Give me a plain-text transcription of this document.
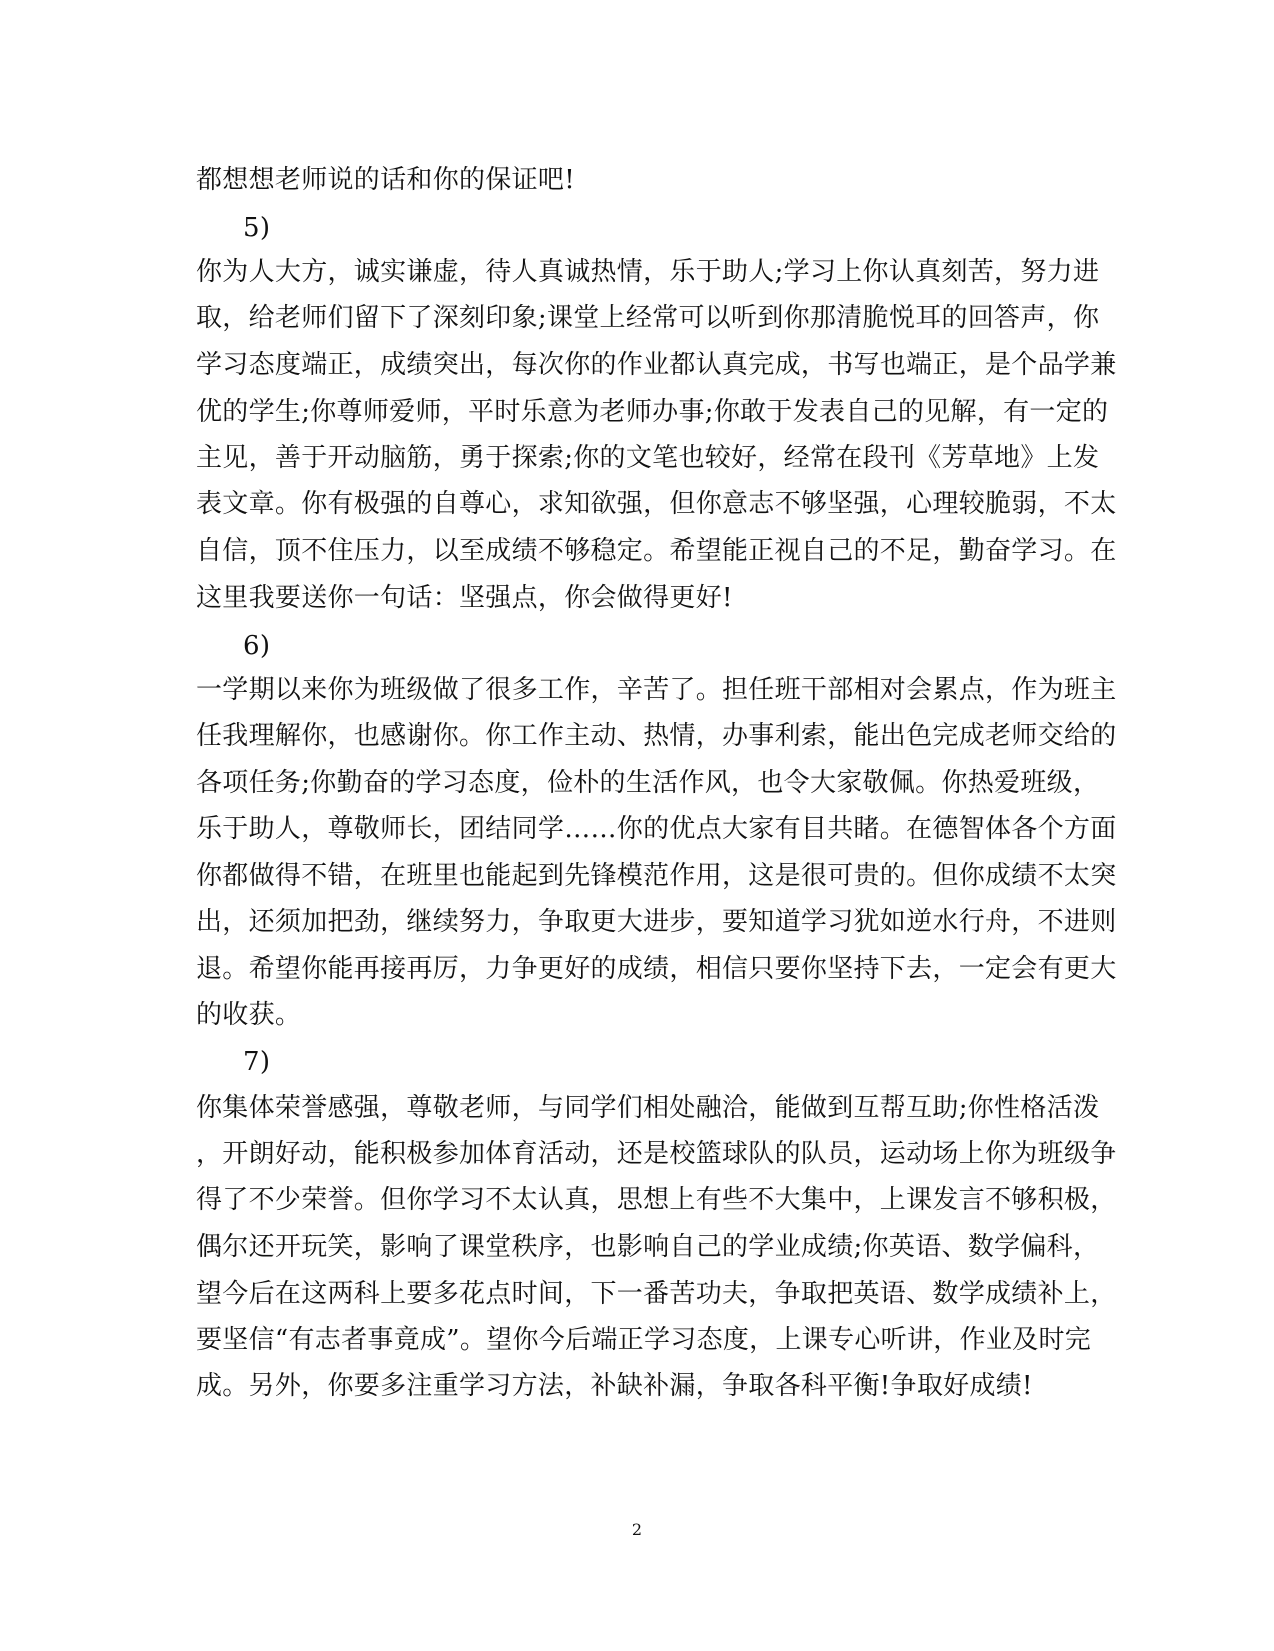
都想想老师说的话和你的保证吧!
5)
你为人大方，诚实谦虚，待人真诚热情，乐于助人;学习上你认真刻苦，努力进
取，给老师们留下了深刻印象;课堂上经常可以听到你那清脆悦耳的回答声，你
学习态度端正，成绩突出，每次你的作业都认真完成，书写也端正，是个品学兼
优的学生;你尊师爱师，平时乐意为老师办事;你敢于发表自己的见解，有一定的
主见，善于开动脑筋，勇于探索;你的文笔也较好，经常在段刊《芳草地》上发
表文章。你有极强的自尊心，求知欲强，但你意志不够坚强，心理较脆弱，不太
自信，顶不住压力，以至成绩不够稳定。希望能正视自己的不足，勤奋学习。在
这里我要送你一句话：坚强点，你会做得更好!
6)
一学期以来你为班级做了很多工作，辛苦了。担任班干部相对会累点，作为班主
任我理解你，也感谢你。你工作主动、热情，办事利索，能出色完成老师交给的
各项任务;你勤奋的学习态度，俭朴的生活作风，也令大家敬佩。你热爱班级，
乐于助人，尊敬师长，团结同学……你的优点大家有目共睹。在德智体各个方面
你都做得不错，在班里也能起到先锋模范作用，这是很可贵的。但你成绩不太突
出，还须加把劲，继续努力，争取更大进步，要知道学习犹如逆水行舟，不进则
退。希望你能再接再厉，力争更好的成绩，相信只要你坚持下去，一定会有更大
的收获。
7)
你集体荣誉感强，尊敬老师，与同学们相处融洽，能做到互帮互助;你性格活泼
，开朗好动，能积极参加体育活动，还是校篮球队的队员，运动场上你为班级争
得了不少荣誉。但你学习不太认真，思想上有些不大集中，上课发言不够积极，
偶尔还开玩笑，影响了课堂秩序，也影响自己的学业成绩;你英语、数学偏科，
望今后在这两科上要多花点时间，下一番苦功夫，争取把英语、数学成绩补上，
要坚信“有志者事竟成”。望你今后端正学习态度，上课专心听讲，作业及时完
成。另外，你要多注重学习方法，补缺补漏，争取各科平衡!争取好成绩!
2
